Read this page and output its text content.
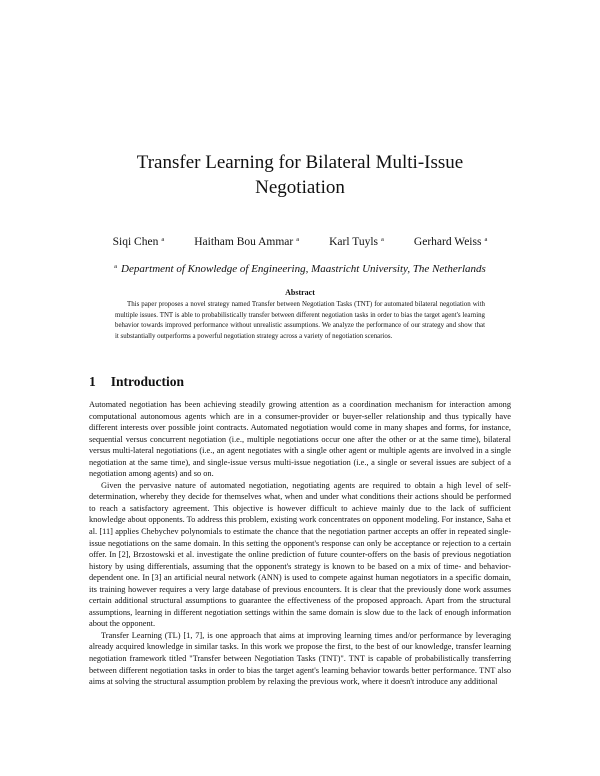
Transfer Learning for Bilateral Multi-Issue
Negotiation
Siqi Chen $^a$	Haitham Bou Ammar $^a$	Karl Tuyls $^a$	Gerhard Weiss $^a$
$^a$ Department of Knowledge of Engineering, Maastricht University, The Netherlands
Abstract

This paper proposes a novel strategy named Transfer between Negotiation Tasks (TNT) for automated bilateral negotiation with multiple issues. TNT is able to probabilistically transfer between different negotiation tasks in order to bias the target agent's learning behavior towards improved performance without unrealistic assumptions. We analyze the performance of our strategy and show that it substantially outperforms a powerful negotiation strategy across a variety of negotiation scenarios.

1 Introduction

Automated negotiation has been achieving steadily growing attention as a coordination mechanism for interaction among computational autonomous agents which are in a consumer-provider or buyer-seller relationship and thus typically have different interests over possible joint contracts. Automated negotiation would come in many shapes and forms, for instance, sequential versus concurrent negotiation (i.e., multiple negotiations occur one after the other or at the same time), bilateral versus multi-lateral negotiations (i.e., an agent negotiates with a single other agent or multiple agents are involved in a single negotiation at the same time), and single-issue versus multi-issue negotiation (i.e., a single or several issues are subject of a negotiation among agents) and so on.

Given the pervasive nature of automated negotiation, negotiating agents are required to obtain a high level of self-determination, whereby they decide for themselves what, when and under what conditions their actions should be performed to reach a satisfactory agreement. This objective is however difficult to achieve mainly due to the lack of sufficient knowledge about opponents. To address this problem, existing work concentrates on opponent modeling. For instance, Saha et al. [11] applies Chebychev polynomials to estimate the chance that the negotiation partner accepts an offer in repeated single-issue negotiations on the same domain. In this setting the opponent's response can only be acceptance or rejection to a certain offer. In [2], Brzostowski et al. investigate the online prediction of future counter-offers on the basis of previous negotiation history by using differentials, assuming that the opponent's strategy is known to be based on a mix of time- and behavior-dependent one. In [3] an artificial neural network (ANN) is used to compete against human negotiators in a specific domain, its training however requires a very large database of previous encounters. It is clear that the previously done work assumes certain additional structural assumptions to guarantee the effectiveness of the proposed approach. Apart from the structural assumptions, learning in different negotiation settings within the same domain is slow due to the lack of enough information about the opponent.

Transfer Learning (TL) [1, 7], is one approach that aims at improving learning times and/or performance by leveraging already acquired knowledge in similar tasks. In this work we propose the first, to the best of our knowledge, transfer learning negotiation framework titled "Transfer between Negotiation Tasks (TNT)". TNT is capable of probabilistically transferring between different negotiation tasks in order to bias the target agent's learning behavior towards better performance. TNT also aims at solving the structural assumption problem by relaxing the previous work, where it doesn't introduce any additional
